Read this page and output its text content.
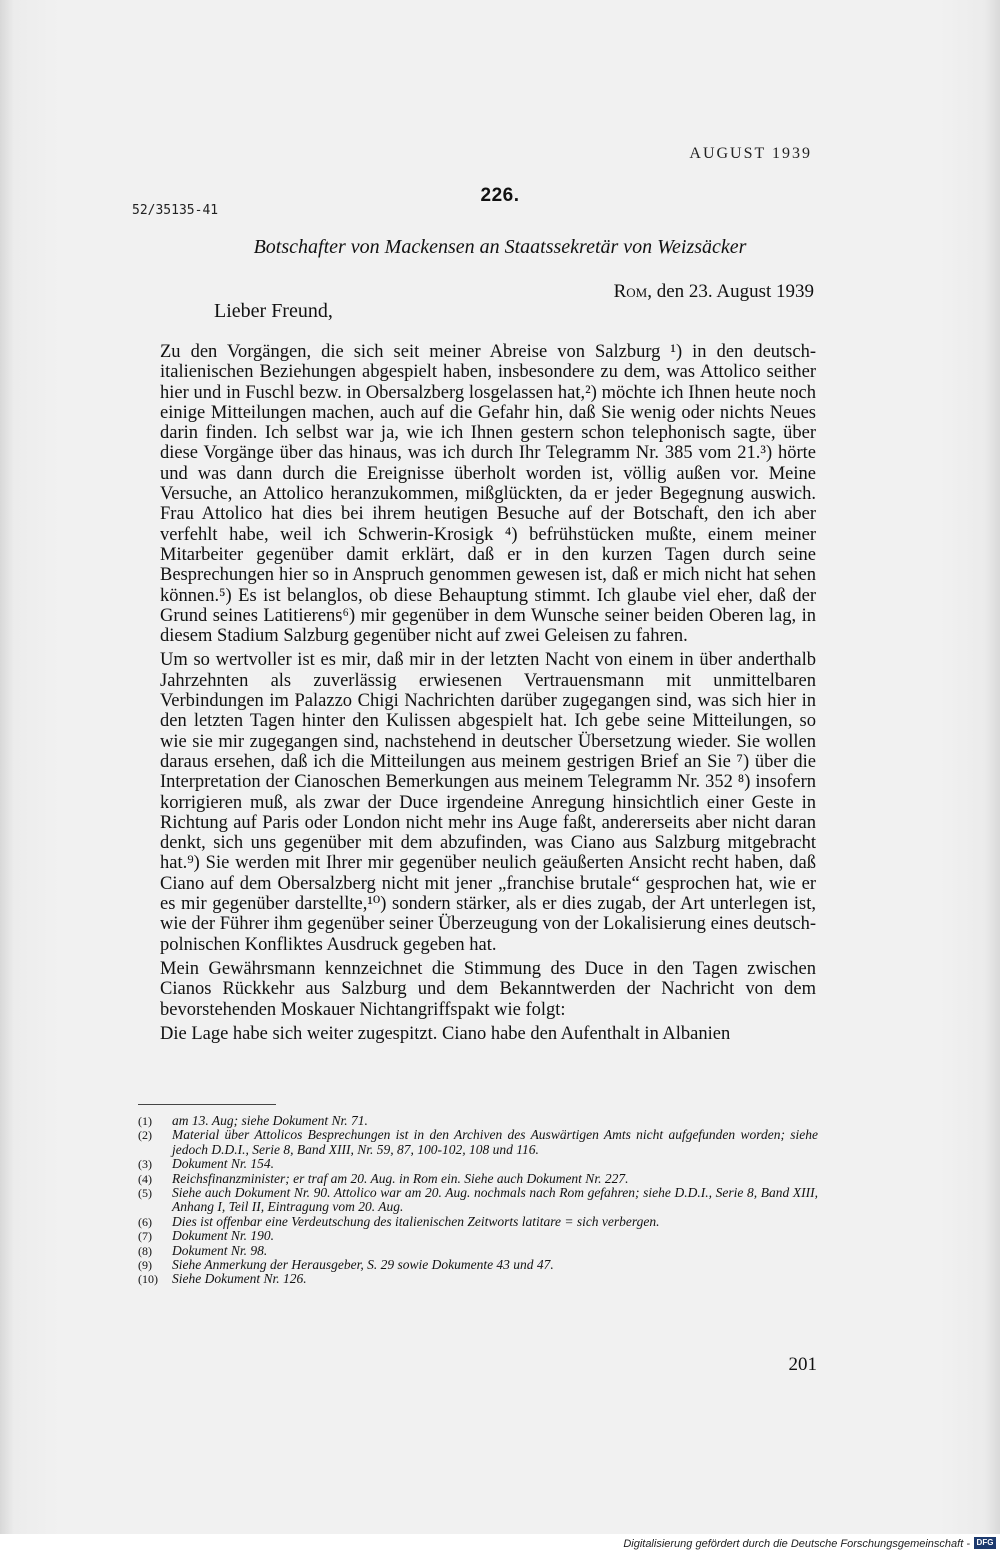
AUGUST 1939
226.
52/35135-41
Botschafter von Mackensen an Staatssekretär von Weizsäcker
Rom, den 23. August 1939
Lieber Freund,

Zu den Vorgängen, die sich seit meiner Abreise von Salzburg ¹) in den deutsch-italienischen Beziehungen abgespielt haben, insbesondere zu dem, was Attolico seither hier und in Fuschl bezw. in Obersalzberg losgelassen hat,²) möchte ich Ihnen heute noch einige Mitteilungen machen, auch auf die Gefahr hin, daß Sie wenig oder nichts Neues darin finden. Ich selbst war ja, wie ich Ihnen gestern schon telephonisch sagte, über diese Vorgänge über das hinaus, was ich durch Ihr Telegramm Nr. 385 vom 21.³) hörte und was dann durch die Ereignisse überholt worden ist, völlig außen vor. Meine Versuche, an Attolico heranzukommen, mißglückten, da er jeder Begegnung auswich. Frau Attolico hat dies bei ihrem heutigen Besuche auf der Botschaft, den ich aber verfehlt habe, weil ich Schwerin-Krosigk ⁴) befrühstücken mußte, einem meiner Mitarbeiter gegenüber damit erklärt, daß er in den kurzen Tagen durch seine Besprechungen hier so in Anspruch genommen gewesen ist, daß er mich nicht hat sehen können.⁵) Es ist belanglos, ob diese Behauptung stimmt. Ich glaube viel eher, daß der Grund seines Latitierens⁶) mir gegenüber in dem Wunsche seiner beiden Oberen lag, in diesem Stadium Salzburg gegenüber nicht auf zwei Geleisen zu fahren.

Um so wertvoller ist es mir, daß mir in der letzten Nacht von einem in über anderthalb Jahrzehnten als zuverlässig erwiesenen Vertrauensmann mit unmittelbaren Verbindungen im Palazzo Chigi Nachrichten darüber zugegangen sind, was sich hier in den letzten Tagen hinter den Kulissen abgespielt hat. Ich gebe seine Mitteilungen, so wie sie mir zugegangen sind, nachstehend in deutscher Übersetzung wieder. Sie wollen daraus ersehen, daß ich die Mitteilungen aus meinem gestrigen Brief an Sie ⁷) über die Interpretation der Cianoschen Bemerkungen aus meinem Telegramm Nr. 352 ⁸) insofern korrigieren muß, als zwar der Duce irgendeine Anregung hinsichtlich einer Geste in Richtung auf Paris oder London nicht mehr ins Auge faßt, andererseits aber nicht daran denkt, sich uns gegenüber mit dem abzufinden, was Ciano aus Salzburg mitgebracht hat.⁹) Sie werden mit Ihrer mir gegenüber neulich geäußerten Ansicht recht haben, daß Ciano auf dem Obersalzberg nicht mit jener „franchise brutale“ gesprochen hat, wie er es mir gegenüber darstellte,¹⁰) sondern stärker, als er dies zugab, der Art unterlegen ist, wie der Führer ihm gegenüber seiner Überzeugung von der Lokalisierung eines deutsch-polnischen Konfliktes Ausdruck gegeben hat.

Mein Gewährsmann kennzeichnet die Stimmung des Duce in den Tagen zwischen Cianos Rückkehr aus Salzburg und dem Bekanntwerden der Nachricht von dem bevorstehenden Moskauer Nichtangriffspakt wie folgt:

Die Lage habe sich weiter zugespitzt. Ciano habe den Aufenthalt in Albanien

(1)	am 13. Aug; siehe Dokument Nr. 71.
(2)	Material über Attolicos Besprechungen ist in den Archiven des Auswärtigen Amts nicht aufgefunden worden; siehe jedoch D.D.I., Serie 8, Band XIII, Nr. 59, 87, 100-102, 108 und 116.
(3)	Dokument Nr. 154.
(4)	Reichsfinanzminister; er traf am 20. Aug. in Rom ein. Siehe auch Dokument Nr. 227.
(5)	Siehe auch Dokument Nr. 90. Attolico war am 20. Aug. nochmals nach Rom gefahren; siehe D.D.I., Serie 8, Band XIII, Anhang I, Teil II, Eintragung vom 20. Aug.
(6)	Dies ist offenbar eine Verdeutschung des italienischen Zeitworts latitare = sich verbergen.
(7)	Dokument Nr. 190.
(8)	Dokument Nr. 98.
(9)	Siehe Anmerkung der Herausgeber, S. 29 sowie Dokumente 43 und 47.
(10)	Siehe Dokument Nr. 126.
201
Digitalisierung gefördert durch die Deutsche Forschungsgemeinschaft - DFG
